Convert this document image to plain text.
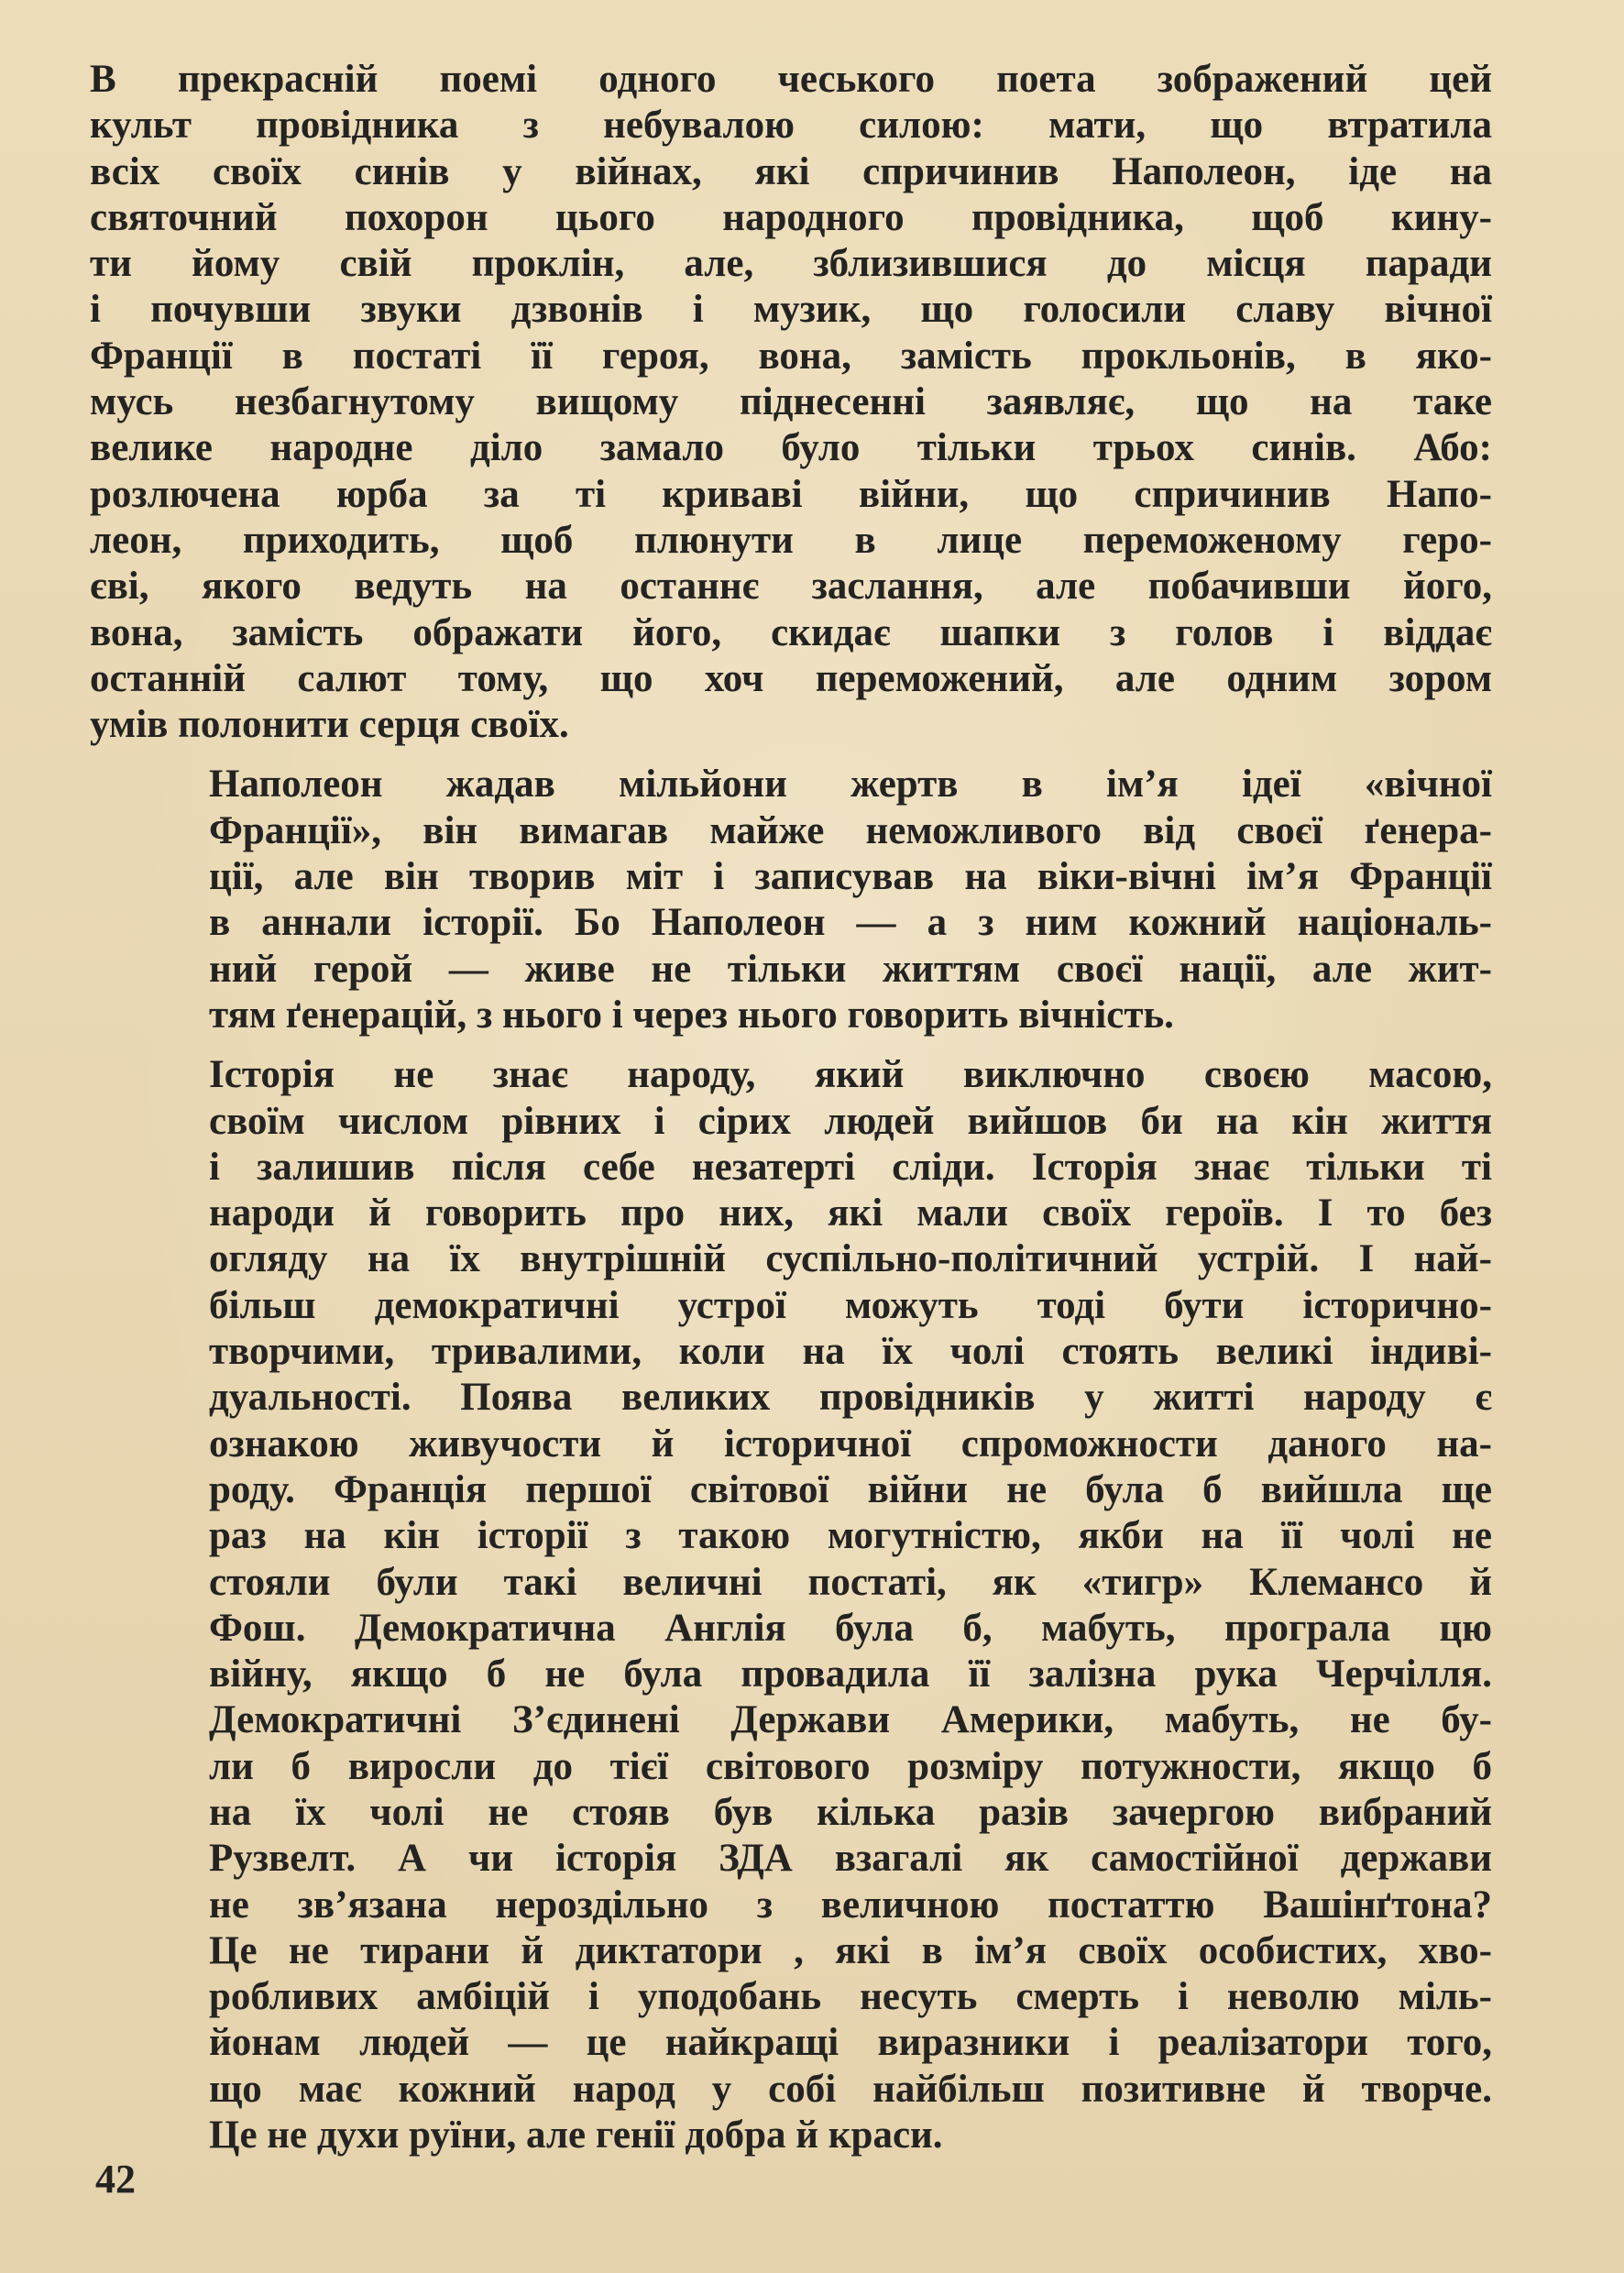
В прекрасній поемі одного чеського поета зображений цей
культ провідника з небувалою силою: мати, що втратила
всіх своїх синів у війнах, які спричинив Наполеон, іде на
святочний похорон цього народного провідника, щоб кину-
ти йому свій проклін, але, зблизившися до місця паради
і почувши звуки дзвонів і музик, що голосили славу вічної
Франції в постаті її героя, вона, замість прокльонів, в яко-
мусь незбагнутому вищому піднесенні заявляє, що на таке
велике народне діло замало було тільки трьох синів. Або:
розлючена юрба за ті криваві війни, що спричинив Напо-
леон, приходить, щоб плюнути в лице переможеному геро-
єві, якого ведуть на останнє заслання, але побачивши його,
вона, замість ображати його, скидає шапки з голов і віддає
останній салют тому, що хоч переможений, але одним зором
умів полонити серця своїх.
Наполеон жадав мільйони жертв в ім’я ідеї «вічної
Франції», він вимагав майже неможливого від своєї ґенера-
ції, але він творив міт і записував на віки-вічні ім’я Франції
в аннали історії. Бо Наполеон — а з ним кожний національ-
ний герой — живе не тільки життям своєї нації, але жит-
тям ґенерацій, з нього і через нього говорить вічність.
Історія не знає народу, який виключно своєю масою,
своїм числом рівних і сірих людей вийшов би на кін життя
і залишив після себе незатерті сліди. Історія знає тільки ті
народи й говорить про них, які мали своїх героїв. І то без
огляду на їх внутрішній суспільно-політичний устрій. І най-
більш демократичні устрої можуть тоді бути історично-
творчими, тривалими, коли на їх чолі стоять великі індиві-
дуальності. Поява великих провідників у житті народу є
ознакою живучости й історичної спроможности даного на-
роду. Франція першої світової війни не була б вийшла ще
раз на кін історії з такою могутністю, якби на її чолі не
стояли були такі величні постаті, як «тигр» Клемансо й
Фош. Демократична Англія була б, мабуть, програла цю
війну, якщо б не була провадила її залізна рука Черчілля.
Демократичні З’єдинені Держави Америки, мабуть, не бу-
ли б виросли до тієї світового розміру потужности, якщо б
на їх чолі не стояв був кілька разів зачергою вибраний
Рузвелт. А чи історія ЗДА взагалі як самостійної держави
не зв’язана нероздільно з величною постаттю Вашінґтона?
Це не тирани й диктатори , які в ім’я своїх особистих, хво-
робливих амбіцій і уподобань несуть смерть і неволю міль-
йонам людей — це найкращі виразники і реалізатори того,
що має кожний народ у собі найбільш позитивне й творче.
Це не духи руїни, але генії добра й краси.
42
